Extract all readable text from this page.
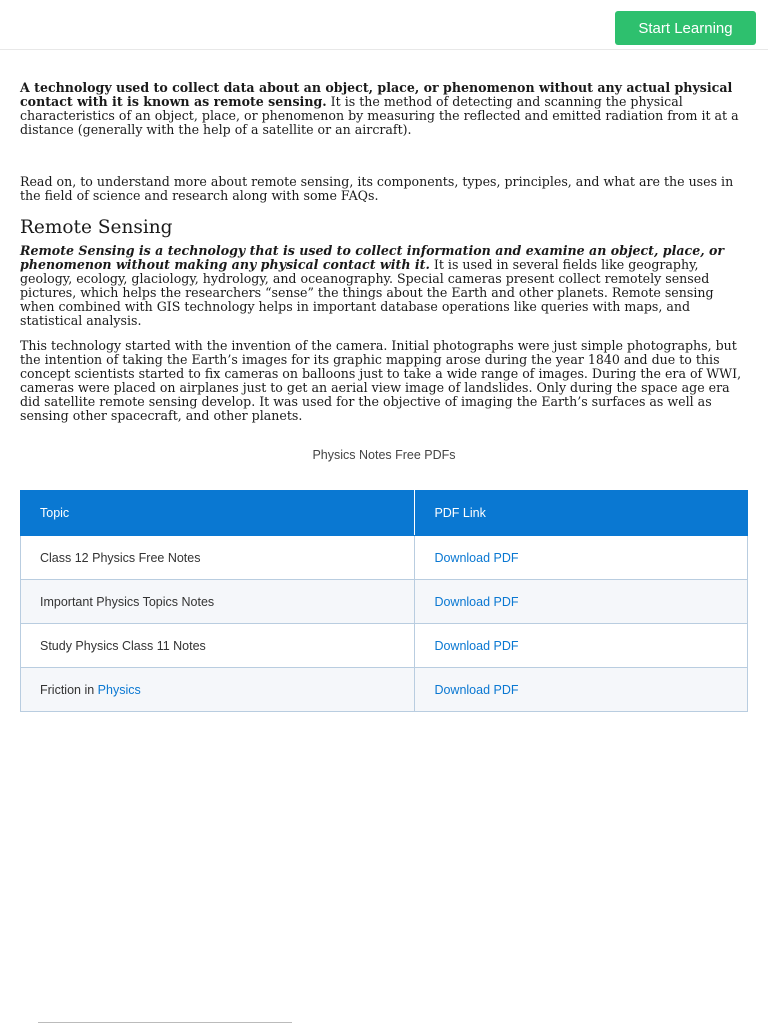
Start Learning

A technology used to collect data about an object, place, or phenomenon without any actual physical contact with it is known as remote sensing. It is the method of detecting and scanning the physical characteristics of an object, place, or phenomenon by measuring the reflected and emitted radiation from it at a distance (generally with the help of a satellite or an aircraft).

Read on, to understand more about remote sensing, its components, types, principles, and what are the uses in the field of science and research along with some FAQs.

Remote Sensing

Remote Sensing is a technology that is used to collect information and examine an object, place, or phenomenon without making any physical contact with it. It is used in several fields like geography, geology, ecology, glaciology, hydrology, and oceanography. Special cameras present collect remotely sensed pictures, which helps the researchers “sense” the things about the Earth and other planets. Remote sensing when combined with GIS technology helps in important database operations like queries with maps, and statistical analysis.

This technology started with the invention of the camera. Initial photographs were just simple photographs, but the intention of taking the Earth’s images for its graphic mapping arose during the year 1840 and due to this concept scientists started to fix cameras on balloons just to take a wide range of images. During the era of WWI, cameras were placed on airplanes just to get an aerial view image of landslides. Only during the space age era did satellite remote sensing develop. It was used for the objective of imaging the Earth’s surfaces as well as sensing other spacecraft, and other planets.

Physics Notes Free PDFs
Topic	PDF Link
Class 12 Physics Free Notes	Download PDF
Important Physics Topics Notes	Download PDF
Study Physics Class 11 Notes	Download PDF
Friction in Physics	Download PDF
